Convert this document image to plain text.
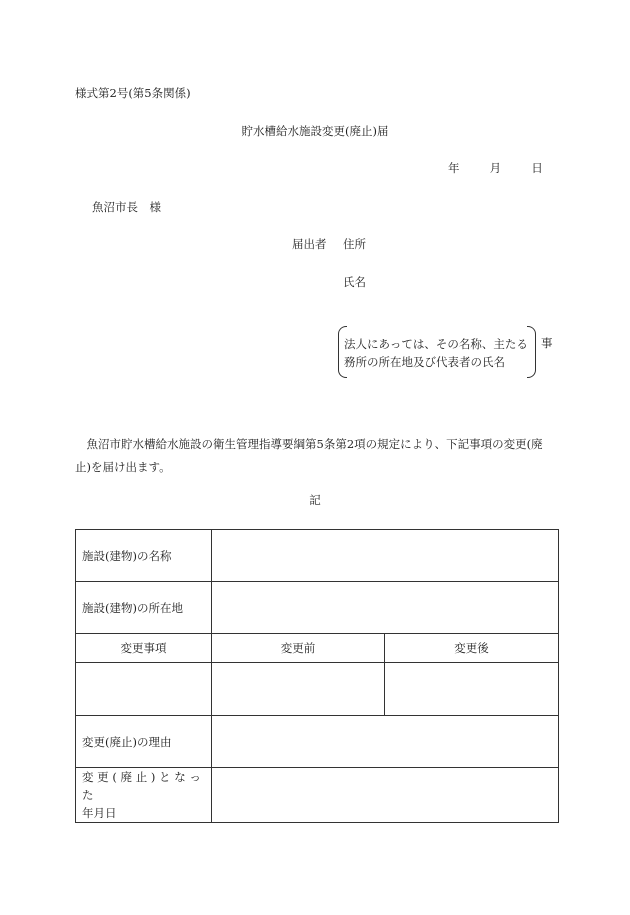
様式第2号(第5条関係)
貯水槽給水施設変更(廃止)届
年	月	日
魚沼市長　様
届出者 住所
氏名
法人にあっては、その名称、主たる
務所の所在地及び代表者の氏名
事
魚沼市貯水槽給水施設の衛生管理指導要綱第5条第2項の規定により、下記事項の変更(廃止)を届け出ます。
記
施設(建物)の名称		
施設(建物)の所在地		
変更事項	変更前	変更後

変更(廃止)の理由		

変更(廃止)となった
年月日		
